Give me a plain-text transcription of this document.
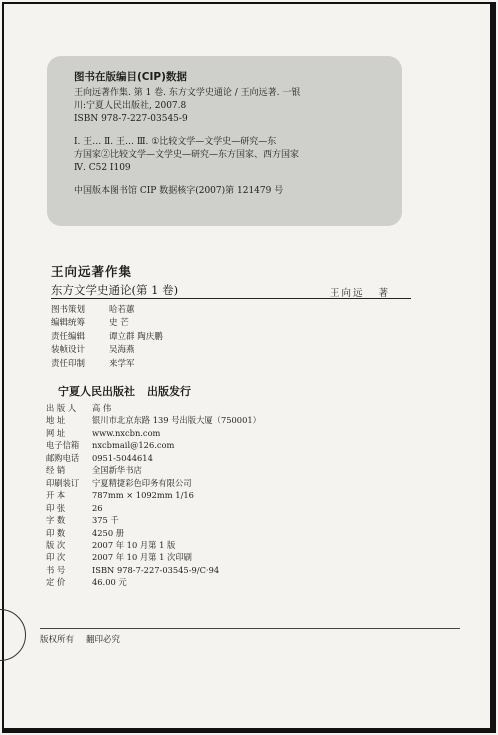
图书在版编目(CIP)数据
王向远著作集. 第 1 卷. 东方文学史通论 / 王向远著. 一银
川:宁夏人民出版社, 2007.8
ISBN 978-7-227-03545-9
Ⅰ. 王… Ⅱ. 王… Ⅲ. ①比较文学—文学史—研究—东
方国家②比较文学—文学史—研究—东方国家、西方国家
Ⅳ. C52 I109
中国版本图书馆 CIP 数据核字(2007)第 121479 号
王向远著作集
东方文学史通论(第 1 卷)	王向远 著
图书策划	哈若蕙
编辑统筹	史 芒
责任编辑	谭立群 陶庆鹏
装帧设计	吴海燕
责任印制	来学军
宁夏人民出版社 出版发行
出 版 人	高 伟
地 址	银川市北京东路 139 号出版大厦（750001）
网 址	www.nxcbn.com
电子信箱	nxcbmail@126.com
邮购电话	0951-5044614
经 销	全国新华书店
印刷装订	宁夏精捷彩色印务有限公司
开 本	787mm × 1092mm 1/16
印 张	26
字 数	375 千
印 数	4250 册
版 次	2007 年 10 月第 1 版
印 次	2007 年 10 月第 1 次印刷
书 号	ISBN 978-7-227-03545-9/C·94
定 价	46.00 元
版权所有 翻印必究
